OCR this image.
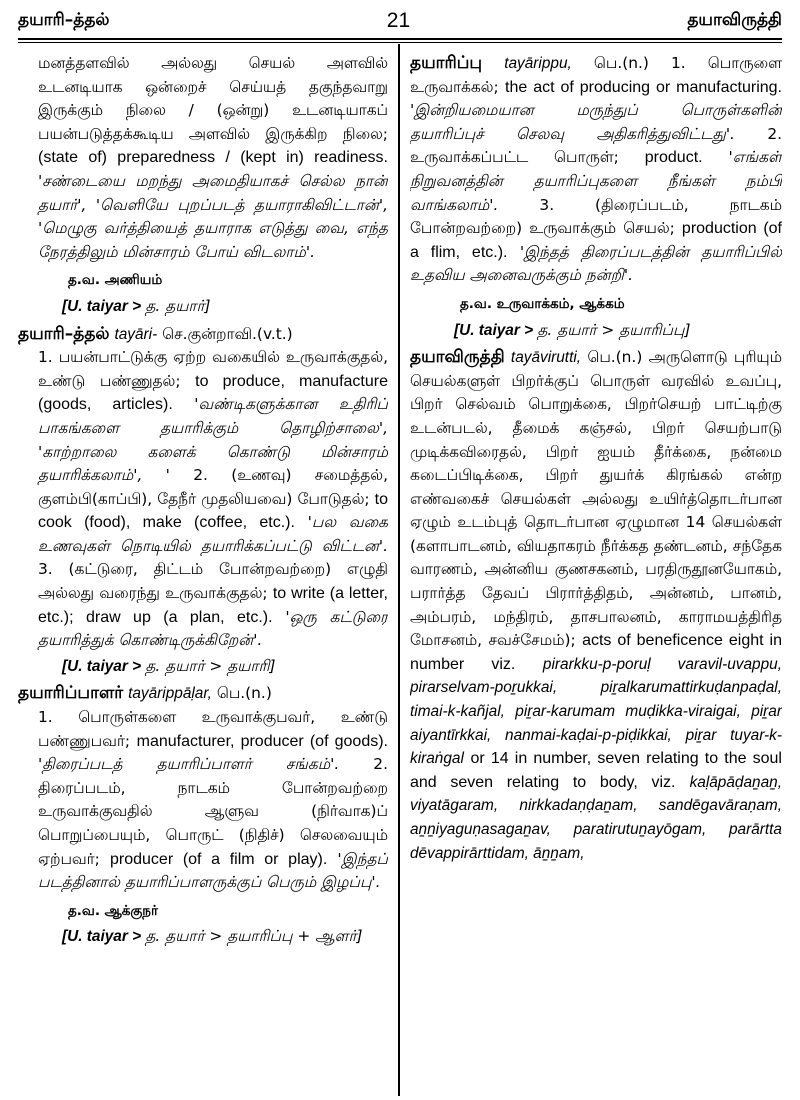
தயாரி–த்தல்	21	தயாவிருத்தி

மனத்தளவில் அல்லது செயல் அளவில் உடனடியாக ஒன்றைச் செய்யத் தகுந்தவாறு இருக்கும் நிலை / (ஒன்று) உடனடியாகப் பயன்படுத்தக்கூடிய அளவில் இருக்கிற நிலை; (state of) preparedness / (kept in) readiness. 'சண்டையை மறந்து அமைதியாகச் செல்ல நான் தயார்', 'வெளியே புறப்படத் தயாராகிவிட்டான்', 'மெழுகு வர்த்தியைத் தயாராக எடுத்து வை, எந்த நேரத்திலும் மின்சாரம் போய் விடலாம்'.

த.வ. அணியம்
[U. taiyar > த. தயார்]

தயாரி–த்தல் tayāri- செ.குன்றாவி.(v.t.)

1. பயன்பாட்டுக்கு ஏற்ற வகையில் உருவாக்குதல், உண்டு பண்ணுதல்; to produce, manufacture (goods, articles). 'வண்டிகளுக்கான உதிரிப் பாகங்களை தயாரிக்கும் தொழிற்சாலை', 'காற்றாலை களைக் கொண்டு மின்சாரம் தயாரிக்கலாம்', ' 2. (உணவு) சமைத்தல், குளம்பி(காப்பி), தேநீர் முதலியவை) போடுதல்; to cook (food), make (coffee, etc.). 'பல வகை உணவுகள் நொடியில் தயாரிக்கப்பட்டு விட்டன'. 3. (கட்டுரை, திட்டம் போன்றவற்றை) எழுதி அல்லது வரைந்து உருவாக்குதல்; to write (a letter, etc.); draw up (a plan, etc.). 'ஒரு கட்டுரை தயாரித்துக் கொண்டிருக்கிறேன்'.

[U. taiyar > த. தயார் > தயாரி]

தயாரிப்பாளர் tayārippāḷar, பெ.(n.)

1. பொருள்களை உருவாக்குபவர், உண்டு பண்ணுபவர்; manufacturer, producer (of goods). 'திரைப்படத் தயாரிப்பாளர் சங்கம்'. 2. திரைப்படம், நாடகம் போன்றவற்றை உருவாக்குவதில் ஆளுவ (நிர்வாக)ப் பொறுப்பையும், பொருட் (நிதிச்) செலவையும் ஏற்பவர்; producer (of a film or play). 'இந்தப் படத்தினால் தயாரிப்பாளருக்குப் பெரும் இழப்பு'.

த.வ. ஆக்குநர்
[U. taiyar > த. தயார் > தயாரிப்பு + ஆளர்]

தயாரிப்பு tayārippu, பெ.(n.) 1. பொருளை உருவாக்கல்; the act of producing or manufacturing. 'இன்றியமையான மருந்துப் பொருள்களின் தயாரிப்புச் செலவு அதிகரித்துவிட்டது'. 2. உருவாக்கப்பட்ட பொருள்; product. 'எங்கள் நிறுவனத்தின் தயாரிப்புகளை நீங்கள் நம்பி வாங்கலாம்'.	3. (திரைப்படம், நாடகம் போன்றவற்றை) உருவாக்கும் செயல்; production (of a flim, etc.). 'இந்தத் திரைப்படத்தின் தயாரிப்பில் உதவிய அனைவருக்கும் நன்றி'.

த.வ. உருவாக்கம், ஆக்கம்
[U. taiyar > த. தயார் > தயாரிப்பு]

தயாவிருத்தி tayāvirutti, பெ.(n.) அருளொடு புரியும் செயல்களுள் பிறர்க்குப் பொருள் வரவில் உவப்பு, பிறர் செல்வம் பொறுக்கை, பிறர்செயற் பாட்டிற்கு உடன்படல், தீமைக் கஞ்சல், பிறர் செயற்பாடு முடிக்கவிரைதல், பிறர் ஐயம் தீர்க்கை, நன்மை கடைப்பிடிக்கை, பிறர் துயர்க் கிரங்கல் என்ற எண்வகைச் செயல்கள் அல்லது உயிர்த்தொடர்பான ஏழும் உடம்புத் தொடர்பான ஏழுமான 14 செயல்கள் (களாபாடனம், வியதாகரம் நீர்க்கத தண்டனம், சந்தேக வாரணம், அன்னிய குணசகனம், பரதிருதூனயோகம், பரார்த்த தேவப் பிரார்த்திதம், அன்னம், பானம், அம்பரம், மந்திரம், தாசபாலனம், காராமயத்திரித மோசனம், சவச்சேமம்); acts of beneficence eight in number viz. pirarkku-p-poruḷ varavil-uvappu, pirarselvam-poṟukkai, piṟalkarumattirkuḍanpaḍal, timai-k-kañjal, piṟar-karumam muḍikka-viraigai, piṟar aiyantīrkkai, nanmai-kaḍai-p-piḍikkai, piṟar tuyar-k-kiraṅgal or 14 in number, seven relating to the soul and seven relating to body, viz. kaḷāpāḍaṉaṉ, viyatāgaram, nirkkadaṇḍaṉam, sandēgavāraṇam, aṉṉiyaguṇasagaṉav, paratirutuṉayōgam, parārtta dēvappirārttidam, āṉṉam,
